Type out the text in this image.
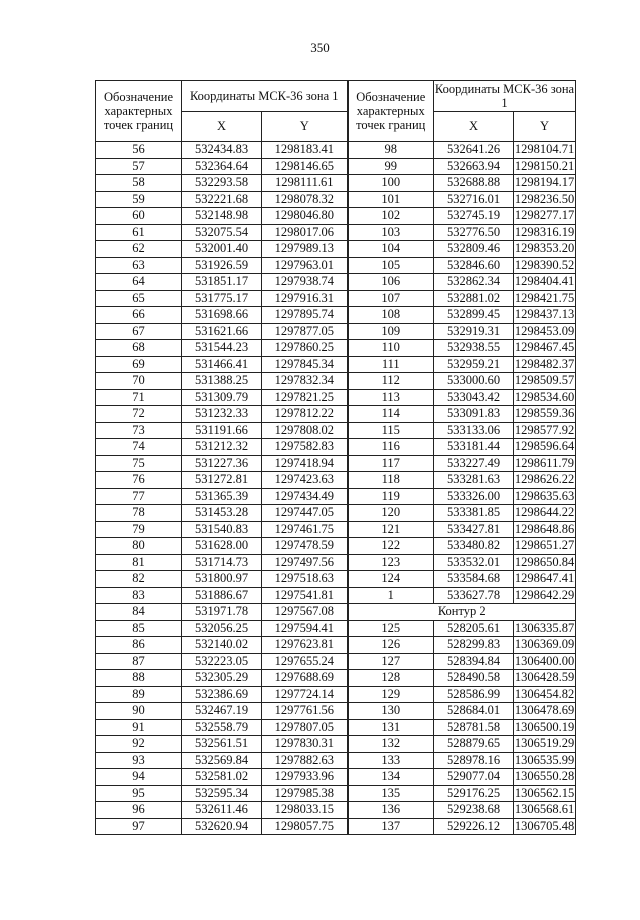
350
Обозначение характерных точек границ	Координаты МСК-36 зона 1		Обозначение характерных точек границ	Координаты МСК-36 зона 1	
	X	Y		X	Y
56	532434.83	1298183.41	98	532641.26	1298104.71
57	532364.64	1298146.65	99	532663.94	1298150.21
58	532293.58	1298111.61	100	532688.88	1298194.17
59	532221.68	1298078.32	101	532716.01	1298236.50
60	532148.98	1298046.80	102	532745.19	1298277.17
61	532075.54	1298017.06	103	532776.50	1298316.19
62	532001.40	1297989.13	104	532809.46	1298353.20
63	531926.59	1297963.01	105	532846.60	1298390.52
64	531851.17	1297938.74	106	532862.34	1298404.41
65	531775.17	1297916.31	107	532881.02	1298421.75
66	531698.66	1297895.74	108	532899.45	1298437.13
67	531621.66	1297877.05	109	532919.31	1298453.09
68	531544.23	1297860.25	110	532938.55	1298467.45
69	531466.41	1297845.34	111	532959.21	1298482.37
70	531388.25	1297832.34	112	533000.60	1298509.57
71	531309.79	1297821.25	113	533043.42	1298534.60
72	531232.33	1297812.22	114	533091.83	1298559.36
73	531191.66	1297808.02	115	533133.06	1298577.92
74	531212.32	1297582.83	116	533181.44	1298596.64
75	531227.36	1297418.94	117	533227.49	1298611.79
76	531272.81	1297423.63	118	533281.63	1298626.22
77	531365.39	1297434.49	119	533326.00	1298635.63
78	531453.28	1297447.05	120	533381.85	1298644.22
79	531540.83	1297461.75	121	533427.81	1298648.86
80	531628.00	1297478.59	122	533480.82	1298651.27
81	531714.73	1297497.56	123	533532.01	1298650.84
82	531800.97	1297518.63	124	533584.68	1298647.41
83	531886.67	1297541.81	1	533627.78	1298642.29
84	531971.78	1297567.08	Контур 2		
85	532056.25	1297594.41	125	528205.61	1306335.87
86	532140.02	1297623.81	126	528299.83	1306369.09
87	532223.05	1297655.24	127	528394.84	1306400.00
88	532305.29	1297688.69	128	528490.58	1306428.59
89	532386.69	1297724.14	129	528586.99	1306454.82
90	532467.19	1297761.56	130	528684.01	1306478.69
91	532558.79	1297807.05	131	528781.58	1306500.19
92	532561.51	1297830.31	132	528879.65	1306519.29
93	532569.84	1297882.63	133	528978.16	1306535.99
94	532581.02	1297933.96	134	529077.04	1306550.28
95	532595.34	1297985.38	135	529176.25	1306562.15
96	532611.46	1298033.15	136	529238.68	1306568.61
97	532620.94	1298057.75	137	529226.12	1306705.48
